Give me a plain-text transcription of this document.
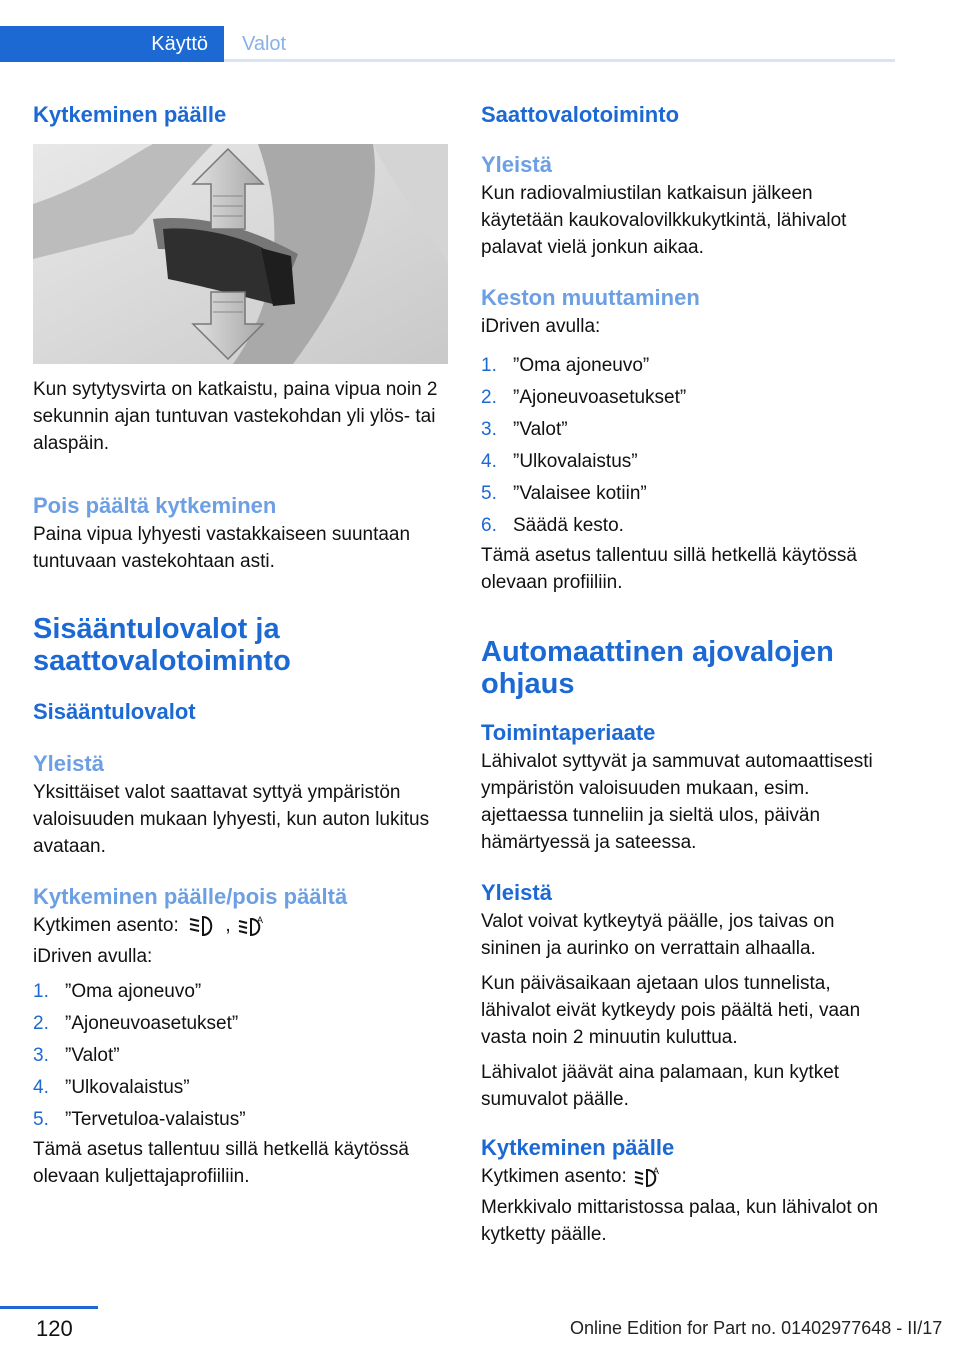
Käyttö	Valot
Kytkeminen päälle

Kun sytytysvirta on katkaistu, paina vipua noin 2 sekunnin ajan tuntuvan vastekohdan yli ylös- tai alaspäin.

Pois päältä kytkeminen

Paina vipua lyhyesti vastakkaiseen suuntaan tuntuvaan vastekohtaan asti.

Sisääntulovalot ja saattovalotoiminto
Sisääntulovalot
Yleistä

Yksittäiset valot saattavat syttyä ympäristön valoisuuden mukaan lyhyesti, kun auton lukitus avataan.

Kytkeminen päälle/pois päältä

Kytkimen asento: ,	A

iDriven avulla:

1. ”Oma ajoneuvo”
2. ”Ajoneuvoasetukset”
3. ”Valot”
4. ”Ulkovalaistus”
5. ”Tervetuloa-valaistus”

Tämä asetus tallentuu sillä hetkellä käytössä olevaan kuljettajaprofiiliin.

Saattovalotoiminto
Yleistä

Kun radiovalmiustilan katkaisun jälkeen käytetään kaukovalovilkkukytkintä, lähivalot palavat vielä jonkun aikaa.

Keston muuttaminen

iDriven avulla:

1. ”Oma ajoneuvo”
2. ”Ajoneuvoasetukset”
3. ”Valot”
4. ”Ulkovalaistus”
5. ”Valaisee kotiin”
6. Säädä kesto.

Tämä asetus tallentuu sillä hetkellä käytössä olevaan profiiliin.

Automaattinen ajovalojen ohjaus
Toimintaperiaate

Lähivalot syttyvät ja sammuvat automaattisesti ympäristön valoisuuden mukaan, esim. ajettaessa tunneliin ja sieltä ulos, päivän hämärtyessä ja sateessa.

Yleistä

Valot voivat kytkeytyä päälle, jos taivas on sininen ja aurinko on verrattain alhaalla.

Kun päiväsaikaan ajetaan ulos tunnelista, lähivalot eivät kytkeydy pois päältä heti, vaan vasta noin 2 minuutin kuluttua.

Lähivalot jäävät aina palamaan, kun kytket sumuvalot päälle.

Kytkeminen päälle

Kytkimen asento:	A

Merkkivalo mittaristossa palaa, kun lähivalot on kytketty päälle.

120	Online Edition for Part no. 01402977648 - II/17
